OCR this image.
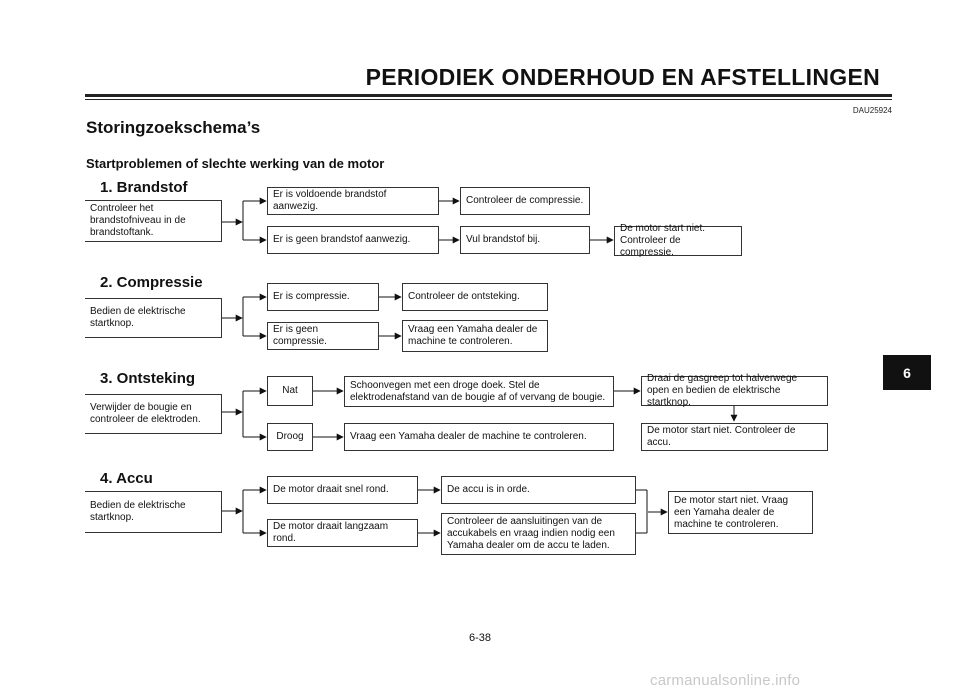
PERIODIEK ONDERHOUD EN AFSTELLINGEN
DAU25924
Storingzoekschema’s
Startproblemen of slechte werking van de motor
1. Brandstof
Controleer het brandstofniveau in de brandstoftank.
Er is voldoende brandstof aanwezig.
Controleer de compressie.
Er is geen brandstof aanwezig.	Vul brandstof bij.
De motor start niet. Controleer de compressie.
2. Compressie
Bedien de elektrische startknop.
Er is compressie.	Controleer de ontsteking.
Er is geen compressie.
Vraag een Yamaha dealer de machine te controleren.
3. Ontsteking
Verwijder de bougie en controleer de elektroden.
Nat	Schoonvegen met een droge doek. Stel de elektrodenafstand van de bougie af of vervang de bougie.
Draai de gasgreep tot halverwege open en bedien de elektrische startknop.
Droog	Vraag een Yamaha dealer de machine te controleren.
De motor start niet. Controleer de accu.
4. Accu
Bedien de elektrische startknop.
De motor draait snel rond.	De accu is in orde.
De motor draait langzaam rond.
Controleer de aansluitingen van de accukabels en vraag indien nodig een Yamaha dealer om de accu te laden.
De motor start niet. Vraag een Yamaha dealer de machine te controleren.
6
6-38
carmanualsonline.info
